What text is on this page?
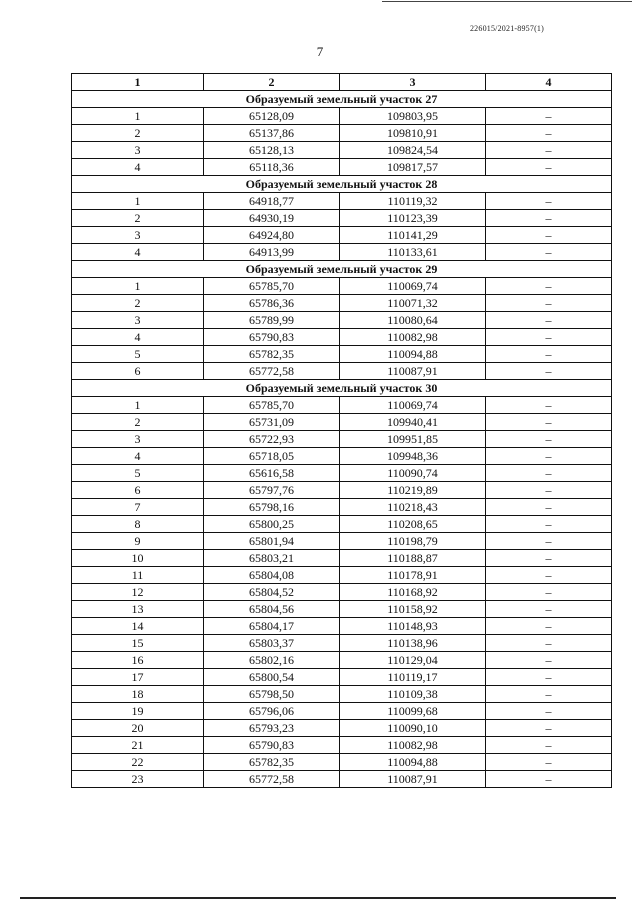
226015/2021-8957(1)
7
1	2	3	4
Образуемый земельный участок 27			
1	65128,09	109803,95	–
2	65137,86	109810,91	–
3	65128,13	109824,54	–
4	65118,36	109817,57	–
Образуемый земельный участок 28			
1	64918,77	110119,32	–
2	64930,19	110123,39	–
3	64924,80	110141,29	–
4	64913,99	110133,61	–
Образуемый земельный участок 29			
1	65785,70	110069,74	–
2	65786,36	110071,32	–
3	65789,99	110080,64	–
4	65790,83	110082,98	–
5	65782,35	110094,88	–
6	65772,58	110087,91	–
Образуемый земельный участок 30			
1	65785,70	110069,74	–
2	65731,09	109940,41	–
3	65722,93	109951,85	–
4	65718,05	109948,36	–
5	65616,58	110090,74	–
6	65797,76	110219,89	–
7	65798,16	110218,43	–
8	65800,25	110208,65	–
9	65801,94	110198,79	–
10	65803,21	110188,87	–
11	65804,08	110178,91	–
12	65804,52	110168,92	–
13	65804,56	110158,92	–
14	65804,17	110148,93	–
15	65803,37	110138,96	–
16	65802,16	110129,04	–
17	65800,54	110119,17	–
18	65798,50	110109,38	–
19	65796,06	110099,68	–
20	65793,23	110090,10	–
21	65790,83	110082,98	–
22	65782,35	110094,88	–
23	65772,58	110087,91	–
